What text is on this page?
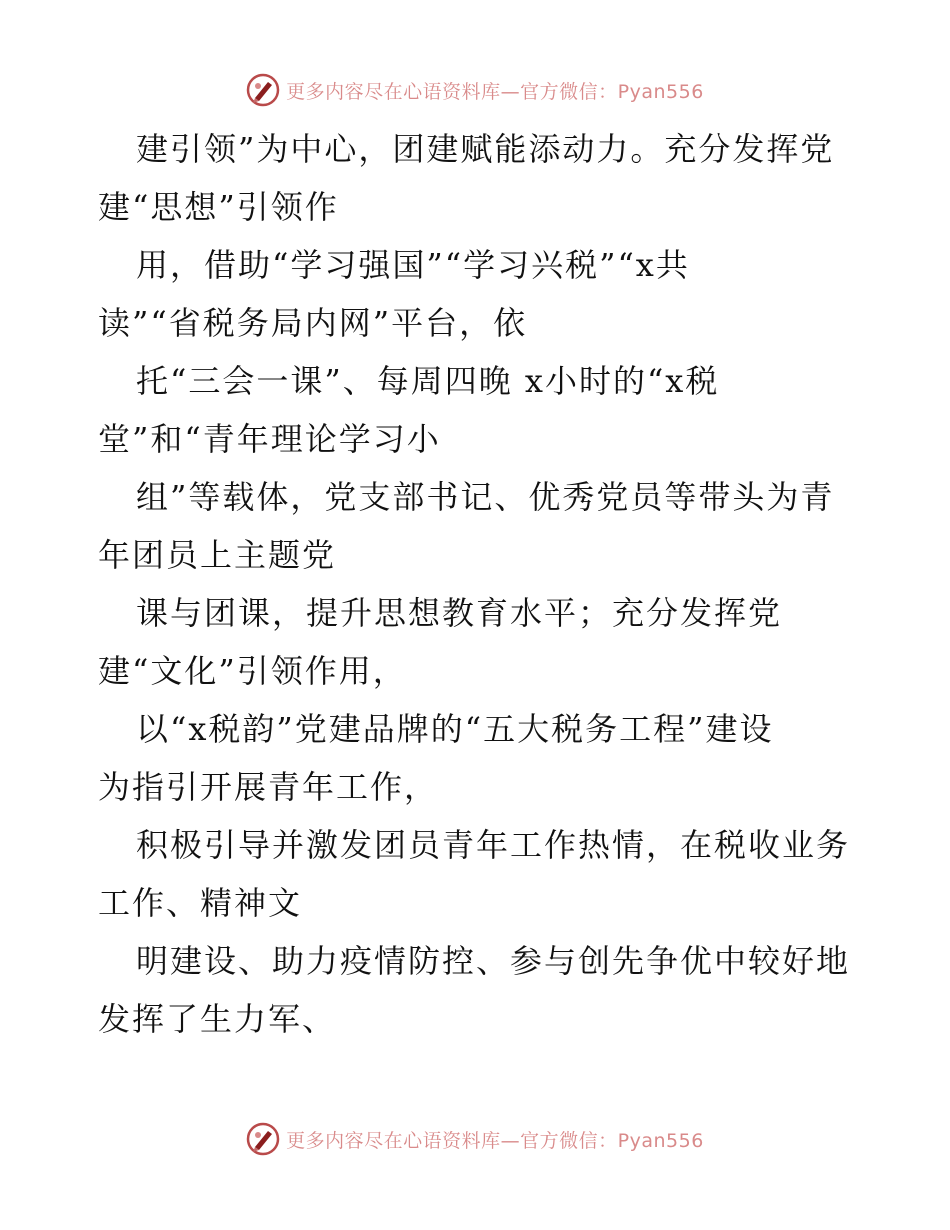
更多内容尽在心语资料库—官方微信：Pyan556
建引领”为中心，团建赋能添动力。充分发挥党
建“思想”引领作
用，借助“学习强国”“学习兴税”“x共
读”“省税务局内网”平台，依
托“三会一课”、每周四晚 x小时的“x税
堂”和“青年理论学习小
组”等载体，党支部书记、优秀党员等带头为青
年团员上主题党
课与团课，提升思想教育水平；充分发挥党
建“文化”引领作用，
以“x税韵”党建品牌的“五大税务工程”建设
为指引开展青年工作，
积极引导并激发团员青年工作热情，在税收业务
工作、精神文
明建设、助力疫情防控、参与创先争优中较好地
发挥了生力军、
更多内容尽在心语资料库—官方微信：Pyan556
